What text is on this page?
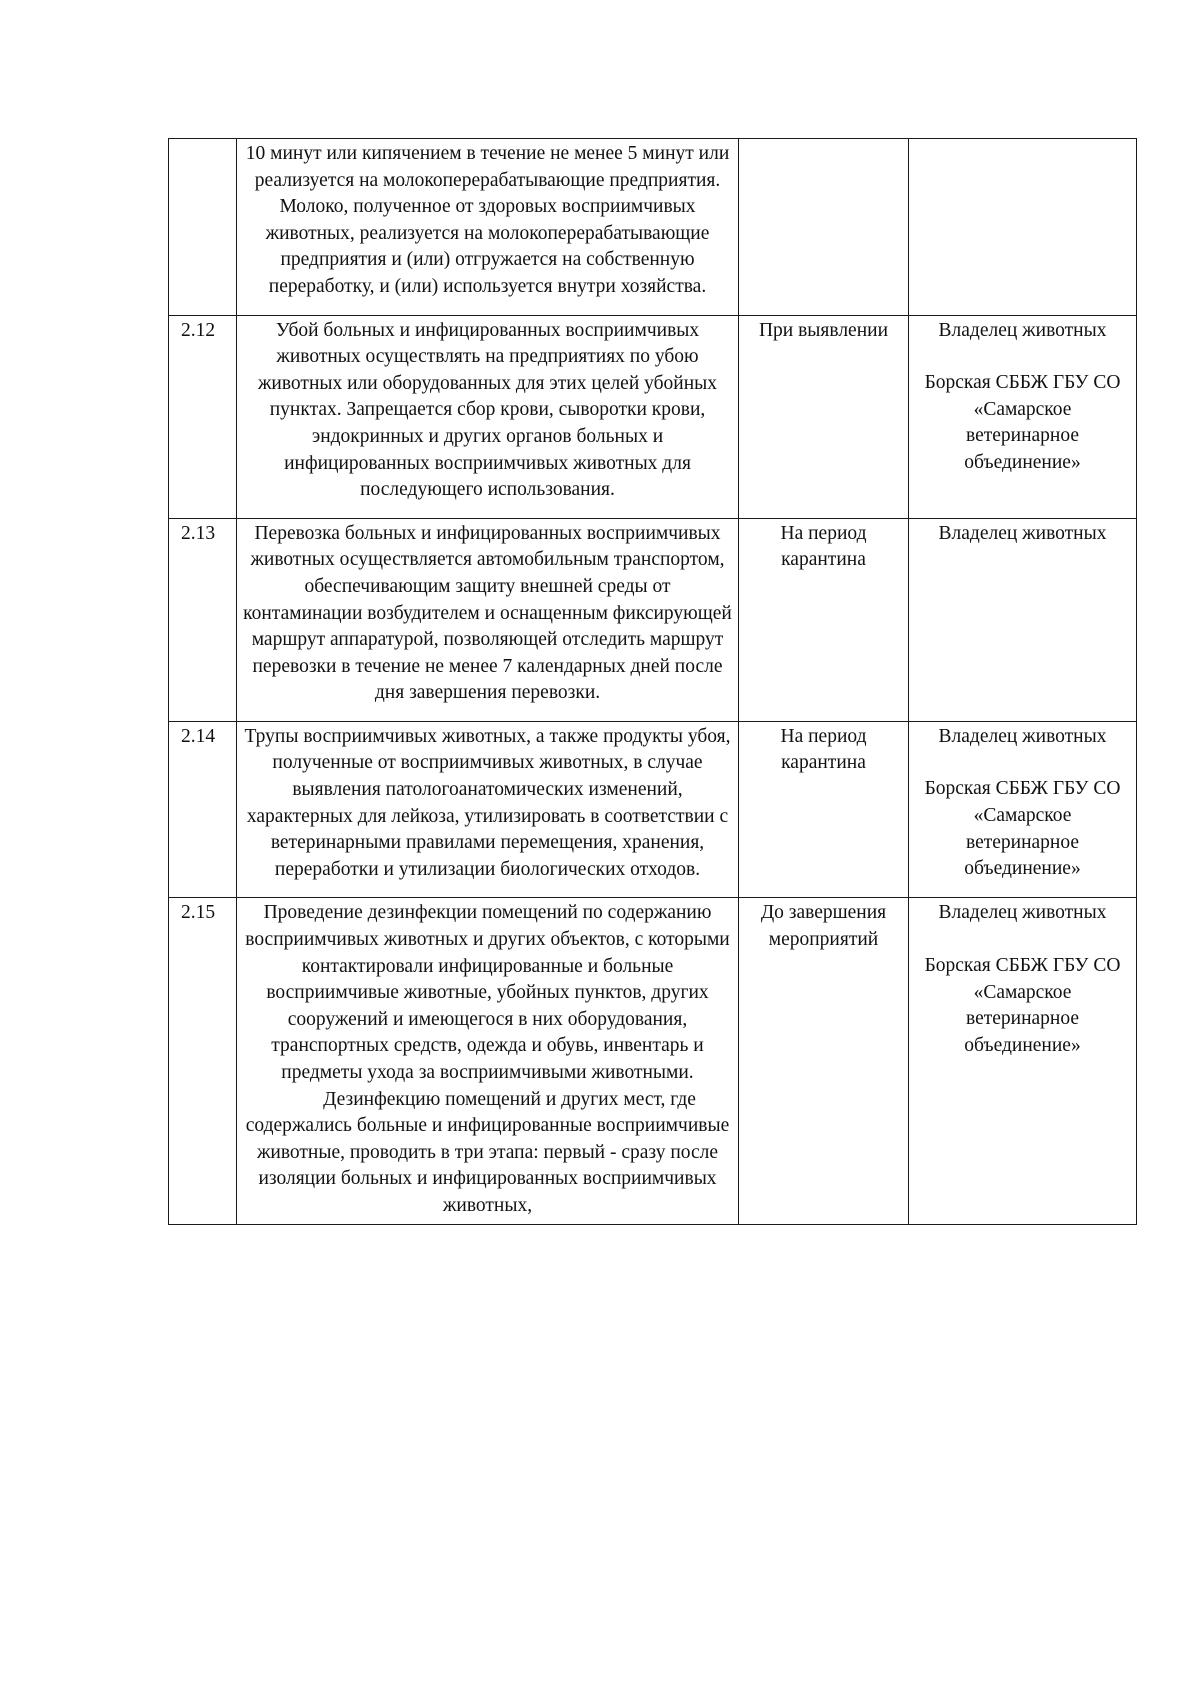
	10 минут или кипячением в течение не менее 5 минут или реализуется на молокоперерабатывающие предприятия. Молоко, полученное от здоровых восприимчивых животных, реализуется на молокоперерабатывающие предприятия и (или) отгружается на собственную переработку, и (или) используется внутри хозяйства.		

2.12	Убой больных и инфицированных восприимчивых животных осуществлять на предприятиях по убою животных или оборудованных для этих целей убойных пунктах. Запрещается сбор крови, сыворотки крови, эндокринных и других органов больных и инфицированных восприимчивых животных для последующего использования.	При выявлении	Владелец животных
Борская СББЖ ГБУ СО «Самарское ветеринарное объединение»

2.13	Перевозка больных и инфицированных восприимчивых животных осуществляется автомобильным транспортом, обеспечивающим защиту внешней среды от контаминации возбудителем и оснащенным фиксирующей маршрут аппаратурой, позволяющей отследить маршрут перевозки в течение не менее 7 календарных дней после дня завершения перевозки.	На период карантина	Владелец животных

2.14	Трупы восприимчивых животных, а также продукты убоя, полученные от восприимчивых животных, в случае выявления патологоанатомических изменений, характерных для лейкоза, утилизировать в соответствии с ветеринарными правилами перемещения, хранения, переработки и утилизации биологических отходов.	На период карантина	Владелец животных
Борская СББЖ ГБУ СО «Самарское ветеринарное объединение»

2.15	Проведение дезинфекции помещений по содержанию восприимчивых животных и других объектов, с которыми контактировали инфицированные и больные восприимчивые животные, убойных пунктов, других сооружений и имеющегося в них оборудования, транспортных средств, одежда и обувь, инвентарь и предметы ухода за восприимчивыми животными.
Дезинфекцию помещений и других мест, где содержались больные и инфицированные восприимчивые животные, проводить в три этапа: первый - сразу после изоляции больных и инфицированных восприимчивых животных,	До завершения мероприятий	Владелец животных
Борская СББЖ ГБУ СО «Самарское ветеринарное объединение»
